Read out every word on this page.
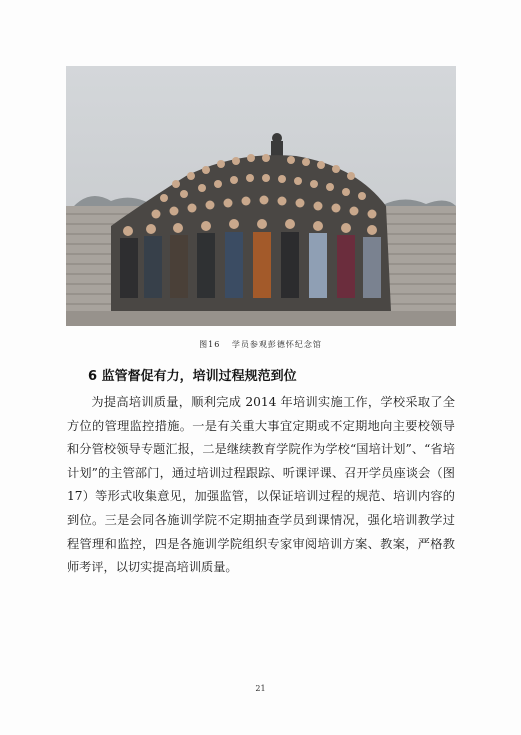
图16 学员参观彭德怀纪念馆
6 监管督促有力，培训过程规范到位
为提高培训质量，顺利完成 2014 年培训实施工作，学校采取了全方位的管理监控措施。一是有关重大事宜定期或不定期地向主要校领导和分管校领导专题汇报，二是继续教育学院作为学校“国培计划”、“省培计划”的主管部门，通过培训过程跟踪、听课评课、召开学员座谈会（图 17）等形式收集意见，加强监管，以保证培训过程的规范、培训内容的到位。三是会同各施训学院不定期抽查学员到课情况，强化培训教学过程管理和监控，四是各施训学院组织专家审阅培训方案、教案，严格教师考评，以切实提高培训质量。
21
